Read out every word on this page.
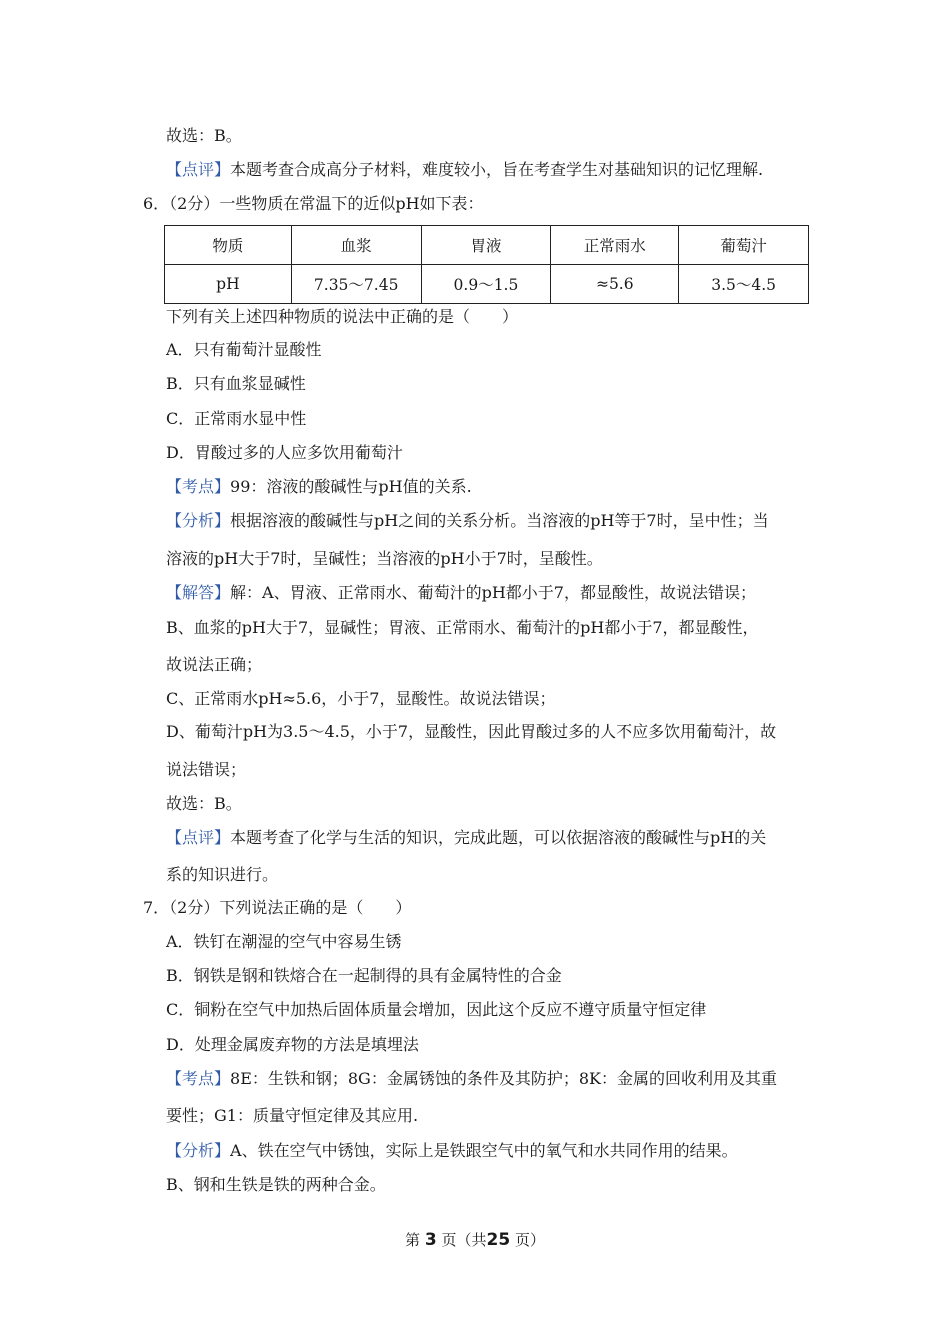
故选：B。
【点评】本题考查合成高分子材料，难度较小，旨在考查学生对基础知识的记忆理解.
6．（2分）一些物质在常温下的近似pH如下表：
物质	血浆	胃液	正常雨水	葡萄汁
pH	7.35～7.45	0.9～1.5	≈5.6	3.5～4.5
下列有关上述四种物质的说法中正确的是（　　）
A．只有葡萄汁显酸性
B．只有血浆显碱性
C．正常雨水显中性
D．胃酸过多的人应多饮用葡萄汁
【考点】99：溶液的酸碱性与pH值的关系.
【分析】根据溶液的酸碱性与pH之间的关系分析。当溶液的pH等于7时，呈中性；当
溶液的pH大于7时，呈碱性；当溶液的pH小于7时，呈酸性。
【解答】解：A、胃液、正常雨水、葡萄汁的pH都小于7，都显酸性，故说法错误；
B、血浆的pH大于7，显碱性；胃液、正常雨水、葡萄汁的pH都小于7，都显酸性，
故说法正确；
C、正常雨水pH≈5.6，小于7，显酸性。故说法错误；
D、葡萄汁pH为3.5～4.5，小于7，显酸性，因此胃酸过多的人不应多饮用葡萄汁，故
说法错误；
故选：B。
【点评】本题考查了化学与生活的知识，完成此题，可以依据溶液的酸碱性与pH的关
系的知识进行。
7．（2分）下列说法正确的是（　　）
A．铁钉在潮湿的空气中容易生锈
B．钢铁是钢和铁熔合在一起制得的具有金属特性的合金
C．铜粉在空气中加热后固体质量会增加，因此这个反应不遵守质量守恒定律
D．处理金属废弃物的方法是填埋法
【考点】8E：生铁和钢；8G：金属锈蚀的条件及其防护；8K：金属的回收利用及其重
要性；G1：质量守恒定律及其应用.
【分析】A、铁在空气中锈蚀，实际上是铁跟空气中的氧气和水共同作用的结果。
B、钢和生铁是铁的两种合金。
第 3 页（共25 页）
